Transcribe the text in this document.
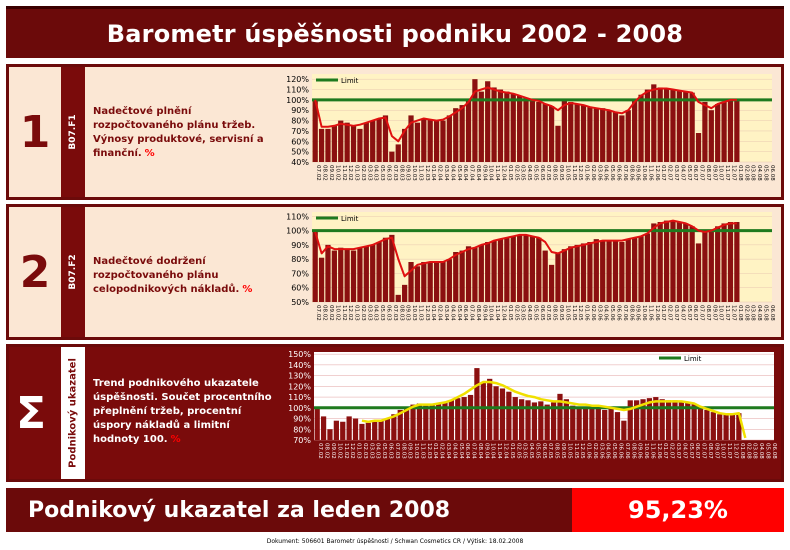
Barometr úspěšnosti podniku 2002 - 2008
1	B07.F1
Nadečtové plnění rozpočtovaného plánu tržeb. Výnosy produktové, servisní a finanční. %
120%
110%
100%
90%
80%
70%
60%
50%
40%
07.02 08.02 09.02 10.02 11.02 12.02 01.03 02.03 03.03 04.03 05.03 06.03 07.03 08.03 09.03 10.03 11.03 12.03 01.04 02.04 03.04 04.04 05.04 06.04 07.04 08.04 09.04 10.04 11.04 12.04 01.05 02.05 03.05 04.05 05.05 06.05 07.05 08.05 09.05 10.05 11.05 12.05 01.06 02.06 03.06 04.06 05.06 06.06 07.06 08.06 09.06 10.06 11.06 12.06 01.07 02.07 03.07 04.07 05.07 06.07 07.07 08.07 09.07 10.07 11.07 12.07 01.08 02.08 03.08 04.08 05.08 06.08
Limit
2	B07.F2 Nadečtové dodržení rozpočtovaného plánu celopodnikových nákladů. %
110%
100%
90%
80%
70%
60%
50%
07.02 08.02 09.02 10.02 11.02 12.02 01.03 02.03 03.03 04.03 05.03 06.03 07.03 08.03 09.03 10.03 11.03 12.03 01.04 02.04 03.04 04.04 05.04 06.04 07.04 08.04 09.04 10.04 11.04 12.04 01.05 02.05 03.05 04.05 05.05 06.05 07.05 08.05 09.05 10.05 11.05 12.05 01.06 02.06 03.06 04.06 05.06 06.06 07.06 08.06 09.06 10.06 11.06 12.06 01.07 02.07 03.07 04.07 05.07 06.07 07.07 08.07 09.07 10.07 11.07 12.07 01.08 02.08 03.08 04.08 05.08 06.08
Limit
Σ	Podnikový ukazatel Trend podnikového ukazatele úspěšnosti. Součet procentního přeplnění tržeb, procentní úspory nákladů a limitní hodnoty 100. %
150%
140%
130%
120%
110%
100%
90%
80%
70%
07.02 08.02 09.02 10.02 11.02 12.02 01.03 02.03 03.03 04.03 05.03 06.03 07.03 08.03 09.03 10.03 11.03 12.03 01.04 02.04 03.04 04.04 05.04 06.04 07.04 08.04 09.04 10.04 11.04 12.04 01.05 02.05 03.05 04.05 05.05 06.05 07.05 08.05 09.05 10.05 11.05 12.05 01.06 02.06 03.06 04.06 05.06 06.06 07.06 08.06 09.06 10.06 11.06 12.06 01.07 02.07 03.07 04.07 05.07 06.07 07.07 08.07 09.07 10.07 11.07 12.07 01.08 02.08 03.08 04.08 05.08 06.08
Limit
Podnikový ukazatel za leden 2008	95,23%
Dokument: 506601 Barometr úspěšnosti / Schwan Cosmetics CR / Výtisk: 18.02.2008
